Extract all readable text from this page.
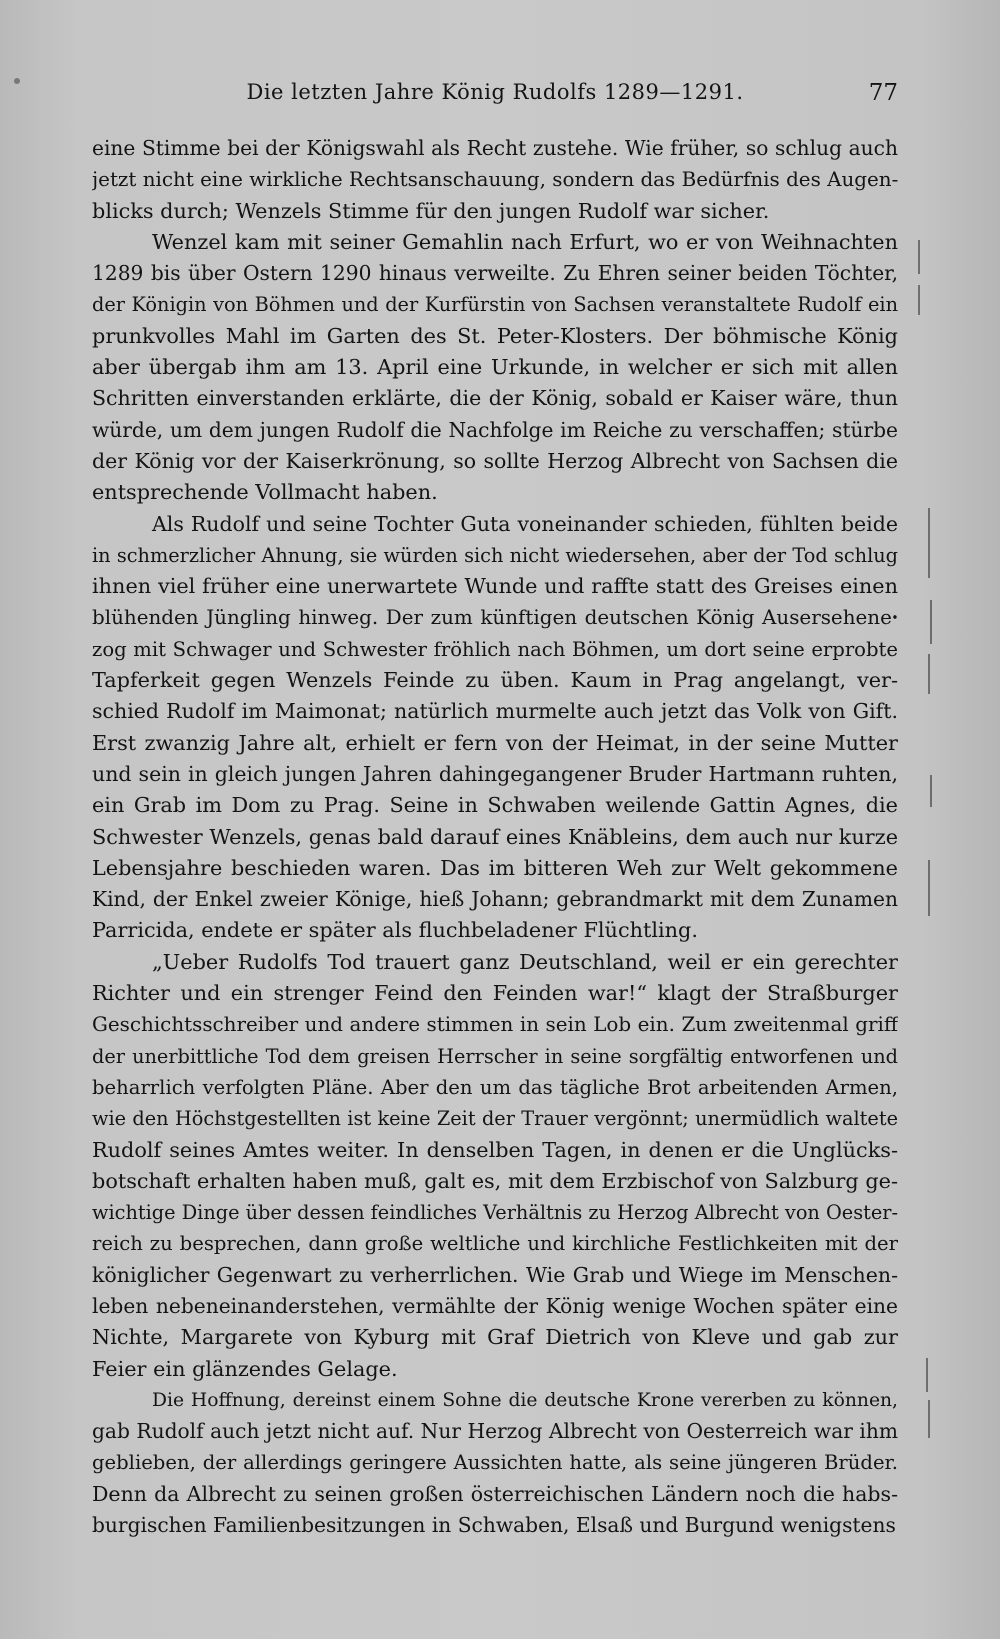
Die letzten Jahre König Rudolfs 1289—1291.	77
eine Stimme bei der Königswahl als Recht zustehe. Wie früher, so schlug auch
jetzt nicht eine wirkliche Rechtsanschauung, sondern das Bedürfnis des Augen-
blicks durch; Wenzels Stimme für den jungen Rudolf war sicher.
Wenzel kam mit seiner Gemahlin nach Erfurt, wo er von Weihnachten
1289 bis über Ostern 1290 hinaus verweilte. Zu Ehren seiner beiden Töchter,
der Königin von Böhmen und der Kurfürstin von Sachsen veranstaltete Rudolf ein
prunkvolles Mahl im Garten des St. Peter-Klosters. Der böhmische König
aber übergab ihm am 13. April eine Urkunde, in welcher er sich mit allen
Schritten einverstanden erklärte, die der König, sobald er Kaiser wäre, thun
würde, um dem jungen Rudolf die Nachfolge im Reiche zu verschaffen; stürbe
der König vor der Kaiserkrönung, so sollte Herzog Albrecht von Sachsen die
entsprechende Vollmacht haben.
Als Rudolf und seine Tochter Guta voneinander schieden, fühlten beide
in schmerzlicher Ahnung, sie würden sich nicht wiedersehen, aber der Tod schlug
ihnen viel früher eine unerwartete Wunde und raffte statt des Greises einen
blühenden Jüngling hinweg. Der zum künftigen deutschen König Auserseheneꞏ
zog mit Schwager und Schwester fröhlich nach Böhmen, um dort seine erprobte
Tapferkeit gegen Wenzels Feinde zu üben. Kaum in Prag angelangt, ver-
schied Rudolf im Maimonat; natürlich murmelte auch jetzt das Volk von Gift.
Erst zwanzig Jahre alt, erhielt er fern von der Heimat, in der seine Mutter
und sein in gleich jungen Jahren dahingegangener Bruder Hartmann ruhten,
ein Grab im Dom zu Prag. Seine in Schwaben weilende Gattin Agnes, die
Schwester Wenzels, genas bald darauf eines Knäbleins, dem auch nur kurze
Lebensjahre beschieden waren. Das im bitteren Weh zur Welt gekommene
Kind, der Enkel zweier Könige, hieß Johann; gebrandmarkt mit dem Zunamen
Parricida, endete er später als fluchbeladener Flüchtling.
„Ueber Rudolfs Tod trauert ganz Deutschland, weil er ein gerechter
Richter und ein strenger Feind den Feinden war!“ klagt der Straßburger
Geschichtsschreiber und andere stimmen in sein Lob ein. Zum zweitenmal griff
der unerbittliche Tod dem greisen Herrscher in seine sorgfältig entworfenen und
beharrlich verfolgten Pläne. Aber den um das tägliche Brot arbeitenden Armen,
wie den Höchstgestellten ist keine Zeit der Trauer vergönnt; unermüdlich waltete
Rudolf seines Amtes weiter. In denselben Tagen, in denen er die Unglücks-
botschaft erhalten haben muß, galt es, mit dem Erzbischof von Salzburg ge-
wichtige Dinge über dessen feindliches Verhältnis zu Herzog Albrecht von Oester-
reich zu besprechen, dann große weltliche und kirchliche Festlichkeiten mit der
königlicher Gegenwart zu verherrlichen. Wie Grab und Wiege im Menschen-
leben nebeneinanderstehen, vermählte der König wenige Wochen später eine
Nichte, Margarete von Kyburg mit Graf Dietrich von Kleve und gab zur
Feier ein glänzendes Gelage.
Die Hoffnung, dereinst einem Sohne die deutsche Krone vererben zu können,
gab Rudolf auch jetzt nicht auf. Nur Herzog Albrecht von Oesterreich war ihm
geblieben, der allerdings geringere Aussichten hatte, als seine jüngeren Brüder.
Denn da Albrecht zu seinen großen österreichischen Ländern noch die habs-
burgischen Familienbesitzungen in Schwaben, Elsaß und Burgund wenigstens
